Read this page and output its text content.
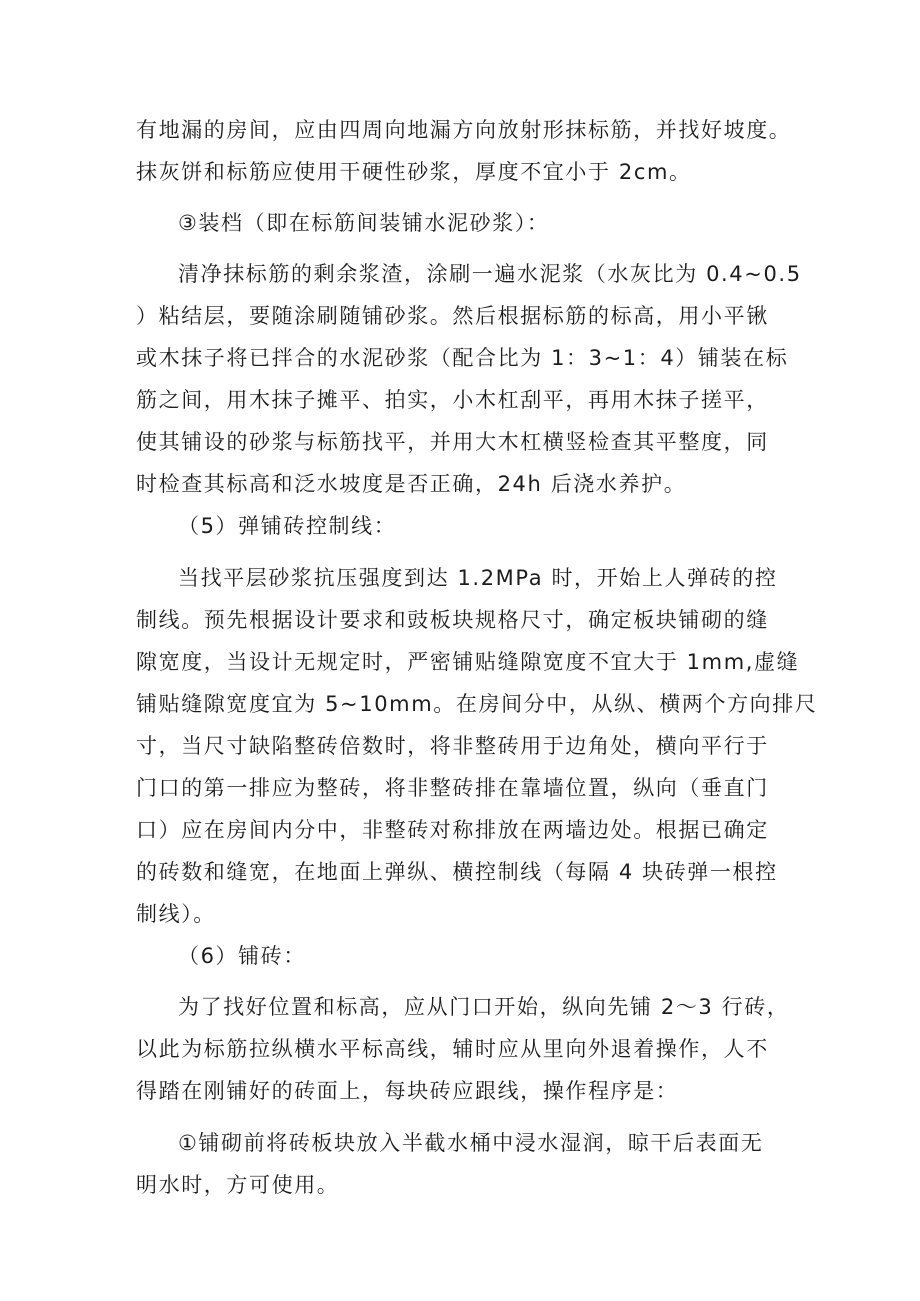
有地漏的房间，应由四周向地漏方向放射形抹标筋，并找好坡度。
抹灰饼和标筋应使用干硬性砂浆，厚度不宜小于 2cm。

③装档（即在标筋间装铺水泥砂浆）：

清净抹标筋的剩余浆渣，涂刷一遍水泥浆（水灰比为 0.4~0.5
）粘结层，要随涂刷随铺砂浆。然后根据标筋的标高，用小平锹
或木抹子将已拌合的水泥砂浆（配合比为 1：3~1：4）铺装在标
筋之间，用木抹子摊平、拍实，小木杠刮平，再用木抹子搓平，
使其铺设的砂浆与标筋找平，并用大木杠横竖检查其平整度，同
时检查其标高和泛水坡度是否正确，24h 后浇水养护。

（5）弹铺砖控制线：

当找平层砂浆抗压强度到达 1.2MPa 时，开始上人弹砖的控
制线。预先根据设计要求和豉板块规格尺寸，确定板块铺砌的缝
隙宽度，当设计无规定时，严密铺贴缝隙宽度不宜大于 1mm,虚缝
铺贴缝隙宽度宜为 5~10mm。在房间分中，从纵、横两个方向排尺
寸，当尺寸缺陷整砖倍数时，将非整砖用于边角处，横向平行于
门口的第一排应为整砖，将非整砖排在靠墙位置，纵向（垂直门
口）应在房间内分中，非整砖对称排放在两墙边处。根据已确定
的砖数和缝宽，在地面上弹纵、横控制线（每隔 4 块砖弹一根控
制线）。

（6）铺砖：

为了找好位置和标高，应从门口开始，纵向先铺 2～3 行砖，
以此为标筋拉纵横水平标高线，辅时应从里向外退着操作，人不
得踏在刚铺好的砖面上，每块砖应跟线，操作程序是：

①铺砌前将砖板块放入半截水桶中浸水湿润，晾干后表面无
明水时，方可使用。
